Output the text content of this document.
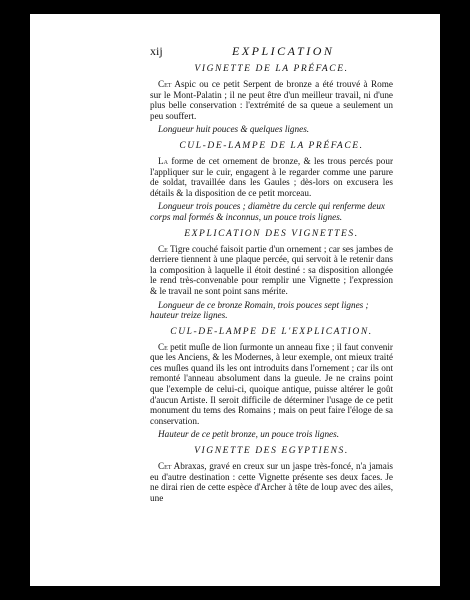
xij	EXPLICATION
VIGNETTE DE LA PRÉFACE.

Cet Aspic ou ce petit Serpent de bronze a été trouvé à Rome sur le Mont-Palatin ; il ne peut être d'un meilleur travail, ni d'une plus belle conservation : l'extrémité de sa queue a seulement un peu souffert.

Longueur huit pouces & quelques lignes.
CUL-DE-LAMPE DE LA PRÉFACE.

La forme de cet ornement de bronze, & les trous percés pour l'appliquer sur le cuir, engagent à le regarder comme une parure de soldat, travaillée dans les Gaules ; dès-lors on excusera les détails & la disposition de ce petit morceau.

Longueur trois pouces ; diamètre du cercle qui renferme deux corps mal formés & inconnus, un pouce trois lignes.
EXPLICATION DES VIGNETTES.

Ce Tigre couché faisoit partie d'un ornement ; car ses jambes de derriere tiennent à une plaque percée, qui servoit à le retenir dans la composition à laquelle il étoit destiné : sa disposition allongée le rend très-convenable pour remplir une Vignette ; l'expression & le travail ne sont point sans mérite.

Longueur de ce bronze Romain, trois pouces sept lignes ; hauteur treize lignes.
CUL-DE-LAMPE DE L'EXPLICATION.

Ce petit muſle de lion ſurmonte un anneau fixe ; il faut convenir que les Anciens, & les Modernes, à leur exemple, ont mieux traité ces muſles quand ils les ont introduits dans l'ornement ; car ils ont remonté l'anneau absolument dans la gueule. Je ne crains point que l'exemple de celui-ci, quoique antique, puisse altérer le goût d'aucun Artiste. Il seroit difficile de déterminer l'usage de ce petit monument du tems des Romains ; mais on peut faire l'éloge de sa conservation.

Hauteur de ce petit bronze, un pouce trois lignes.
VIGNETTE DES EGYPTIENS.

Cet Abraxas, gravé en creux sur un jaspe très-foncé, n'a jamais eu d'autre destination : cette Vignette présente ses deux faces. Je ne dirai rien de cette espèce d'Archer à tête de loup avec des ailes, une
